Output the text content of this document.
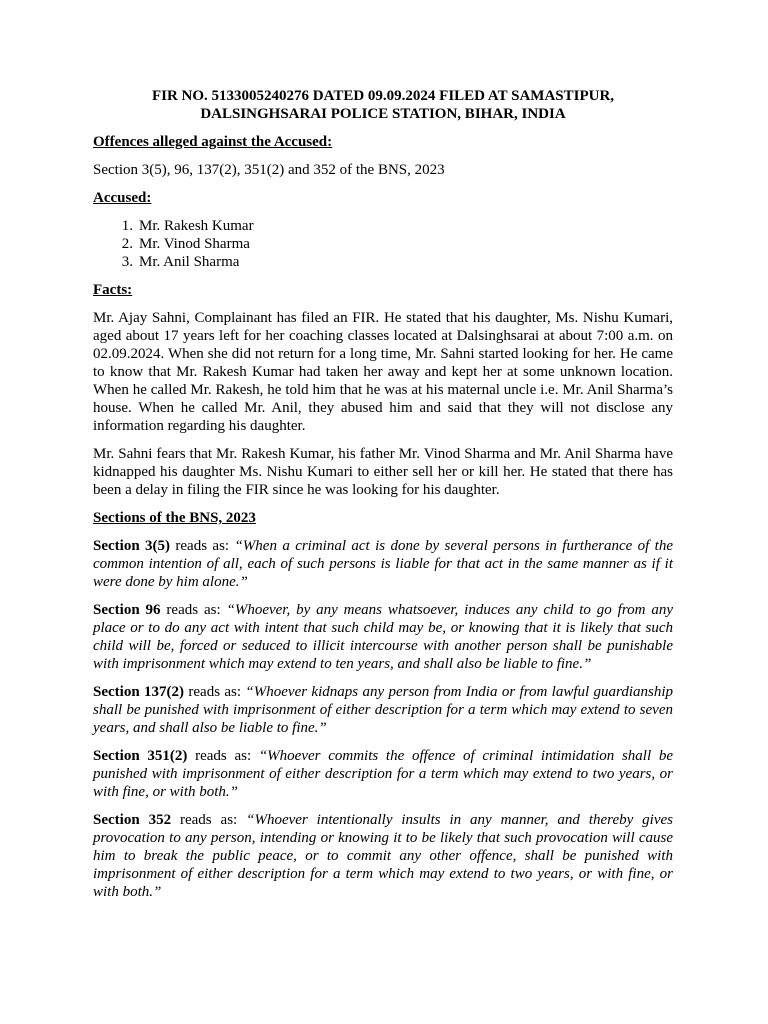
FIR NO. 5133005240276 DATED 09.09.2024 FILED AT SAMASTIPUR,
DALSINGHSARAI POLICE STATION, BIHAR, INDIA
Offences alleged against the Accused:
Section 3(5), 96, 137(2), 351(2) and 352 of the BNS, 2023
Accused:
1. Mr. Rakesh Kumar
2. Mr. Vinod Sharma
3. Mr. Anil Sharma
Facts:
Mr. Ajay Sahni, Complainant has filed an FIR. He stated that his daughter, Ms. Nishu Kumari, aged about 17 years left for her coaching classes located at Dalsinghsarai at about 7:00 a.m. on 02.09.2024. When she did not return for a long time, Mr. Sahni started looking for her. He came to know that Mr. Rakesh Kumar had taken her away and kept her at some unknown location. When he called Mr. Rakesh, he told him that he was at his maternal uncle i.e. Mr. Anil Sharma’s house. When he called Mr. Anil, they abused him and said that they will not disclose any information regarding his daughter.
Mr. Sahni fears that Mr. Rakesh Kumar, his father Mr. Vinod Sharma and Mr. Anil Sharma have kidnapped his daughter Ms. Nishu Kumari to either sell her or kill her. He stated that there has been a delay in filing the FIR since he was looking for his daughter.
Sections of the BNS, 2023
Section 3(5) reads as: “When a criminal act is done by several persons in furtherance of the common intention of all, each of such persons is liable for that act in the same manner as if it were done by him alone.”
Section 96 reads as: “Whoever, by any means whatsoever, induces any child to go from any place or to do any act with intent that such child may be, or knowing that it is likely that such child will be, forced or seduced to illicit intercourse with another person shall be punishable with imprisonment which may extend to ten years, and shall also be liable to fine.”
Section 137(2) reads as: “Whoever kidnaps any person from India or from lawful guardianship shall be punished with imprisonment of either description for a term which may extend to seven years, and shall also be liable to fine.”
Section 351(2) reads as: “Whoever commits the offence of criminal intimidation shall be punished with imprisonment of either description for a term which may extend to two years, or with fine, or with both.”
Section 352 reads as: “Whoever intentionally insults in any manner, and thereby gives provocation to any person, intending or knowing it to be likely that such provocation will cause him to break the public peace, or to commit any other offence, shall be punished with imprisonment of either description for a term which may extend to two years, or with fine, or with both.”
